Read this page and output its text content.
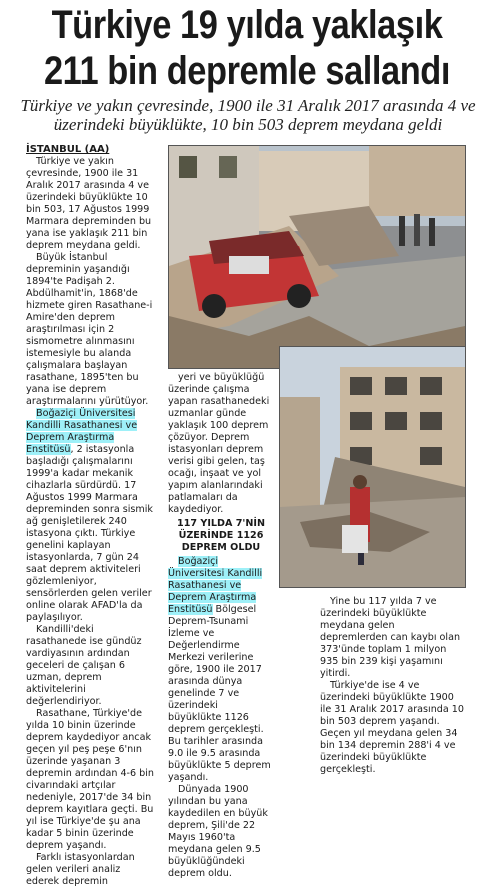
Türkiye 19 yılda yaklaşık 211 bin depremle sallandı
Türkiye ve yakın çevresinde, 1900 ile 31 Aralık 2017 arasında 4 ve üzerindeki büyüklükte, 10 bin 503 deprem meydana geldi

İSTANBUL (AA)

Türkiye ve yakın çevresinde, 1900 ile 31 Aralık 2017 arasında 4 ve üzerindeki büyüklükte 10 bin 503, 17 Ağustos 1999 Marmara depreminden bu yana ise yaklaşık 211 bin deprem meydana geldi.

Büyük İstanbul depreminin yaşandığı 1894'te Padişah 2. Abdülhamit'in, 1868'de hizmete giren Rasathane-i Amire'den deprem araştırılması için 2 sismometre alınmasını istemesiyle bu alanda çalışmalara başlayan rasathane, 1895'ten bu yana ise deprem araştırmalarını yürütüyor.

Boğaziçi Üniversitesi Kandilli Rasathanesi ve Deprem Araştırma Enstitüsü, 2 istasyonla başladığı çalışmalarını 1999'a kadar mekanik cihazlarla sürdürdü. 17 Ağustos 1999 Marmara depreminden sonra sismik ağ genişletilerek 240 istasyona çıktı. Türkiye genelini kaplayan istasyonlarda, 7 gün 24 saat deprem aktiviteleri gözlemleniyor, sensörlerden gelen veriler online olarak AFAD'la da paylaşılıyor.

Kandilli'deki rasathanede ise gündüz vardiyasının ardından geceleri de çalışan 6 uzman, deprem aktivitelerini değerlendiriyor.

Rasathane, Türkiye'de yılda 10 binin üzerinde deprem kaydediyor ancak geçen yıl peş peşe 6'nın üzerinde yaşanan 3 depremin ardından 4-6 bin civarındaki artçılar nedeniyle, 2017'de 34 bin deprem kayıtlara geçti. Bu yıl ise Türkiye'de şu ana kadar 5 binin üzerinde deprem yaşandı.

Farklı istasyonlardan gelen verileri analiz ederek depremin

yeri ve büyüklüğü üzerinde çalışma yapan rasathanedeki uzmanlar günde yaklaşık 100 deprem çözüyor. Deprem istasyonları deprem verisi gibi gelen, taş ocağı, inşaat ve yol yapım alanlarındaki patlamaları da kaydediyor.

117 YILDA 7'NİN ÜZERİNDE 1126 DEPREM OLDU

Boğaziçi Üniversitesi Kandilli Rasathanesi ve Deprem Araştırma Enstitüsü Bölgesel Deprem-Tsunami İzleme ve Değerlendirme Merkezi verilerine göre, 1900 ile 2017 arasında dünya genelinde 7 ve üzerindeki büyüklükte 1126 deprem gerçekleşti. Bu tarihler arasında 9.0 ile 9.5 arasında büyüklükte 5 deprem yaşandı.

Dünyada 1900 yılından bu yana kaydedilen en büyük deprem, Şili'de 22 Mayıs 1960'ta meydana gelen 9.5 büyüklüğündeki deprem oldu.

Yine bu 117 yılda 7 ve üzerindeki büyüklükte meydana gelen depremlerden can kaybı olan 373'ünde toplam 1 milyon 935 bin 239 kişi yaşamını yitirdi.

Türkiye'de ise 4 ve üzerindeki büyüklükte 1900 ile 31 Aralık 2017 arasında 10 bin 503 deprem yaşandı. Geçen yıl meydana gelen 34 bin 134 depremin 288'i 4 ve üzerindeki büyüklükte gerçekleşti.
